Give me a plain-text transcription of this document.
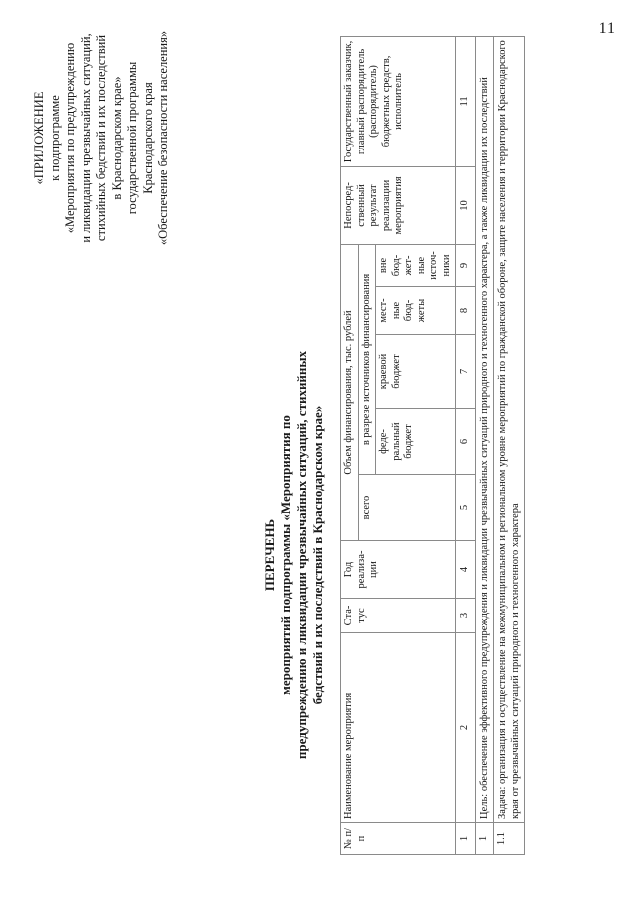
11
«ПРИЛОЖЕНИЕ к подпрограмме «Мероприятия по предупреждению и ликвидации чрезвычайных ситуаций, стихийных бедствий и их последствий в Краснодарском крае» государственной программы Краснодарского края «Обеспечение безопасности населения»
ПЕРЕЧЕНЬ мероприятий подпрограммы «Мероприятия по предупреждению и ликвидации чрезвычайных ситуаций, стихийных бедствий и их последствий в Краснодарском крае»
№ п/п	Наименование мероприятия	Ста- тус	Год реализа- ции	Объем финансирования, тыс. рублей					Непосред- ственный результат реализации мероприятия	Государственный заказчик, главный распорядитель (распорядитель) бюджетных средств, исполнитель
				всего	в разрезе источников финансирования					
					феде- ральный бюджет	краевой бюджет	мест- ные бюд- жеты	вне бюд- жет- ные источ- ники		
1	2	3	4	5	6	7	8	9	10	11
1	Цель: обеспечение эффективного предупреждения и ликвидации чрезвычайных ситуаций природного и техногенного характера, а также ликвидации их последствий									
1.1	Задача: организация и осуществление на межмуниципальном и региональном уровне мероприятий по гражданской обороне, защите населения и территории Краснодарского края от чрезвычайных ситуаций природного и техногенного характера									
